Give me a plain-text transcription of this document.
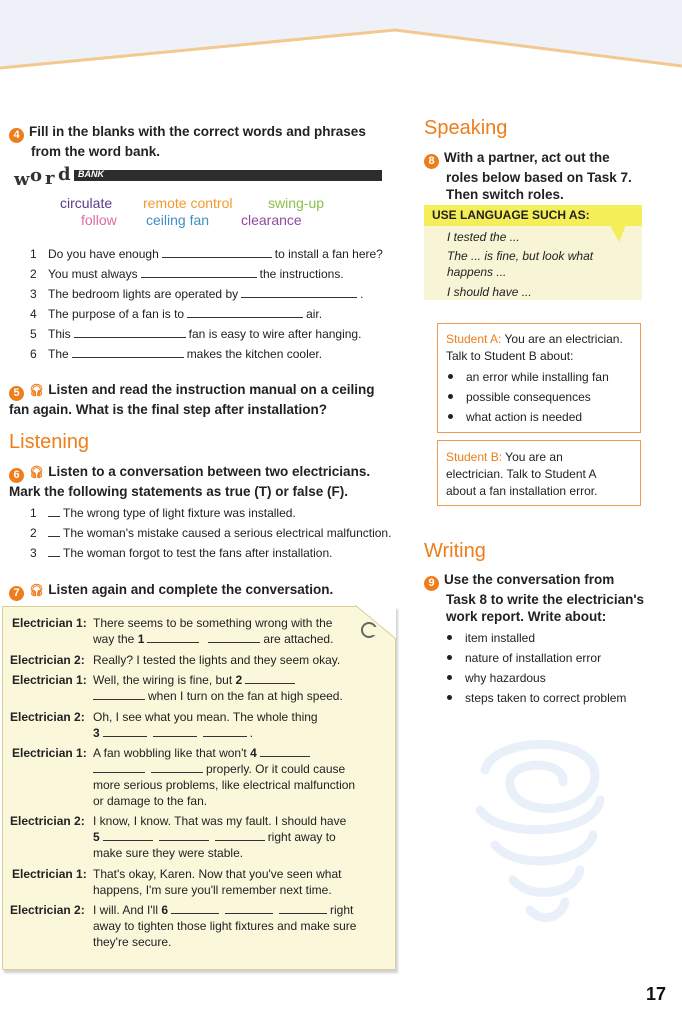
4 Fill in the blanks with the correct words and phrases
from the word bank.
BANK
w o r d
circulate remote control	swing-up
follow ceiling fan clearance
1 Do you have enough	to install a fan here?
2 You must always	the instructions.
3 The bedroom lights are operated by	.
4 The purpose of a fan is to	air.
5 This	fan is easy to wire after hanging.
6 The	makes the kitchen cooler.
5 🎧︎ Listen and read the instruction manual on a ceiling
fan again. What is the final step after installation?
Listening
6 🎧︎ Listen to a conversation between two electricians.
Mark the following statements as true (T) or false (F).
1 The wrong type of light fixture was installed.
2 The woman's mistake caused a serious electrical malfunction.
3 The woman forgot to test the fans after installation.
7 🎧︎ Listen again and complete the conversation.
Electrician 1: There seems to be something wrong with the
way the 1	are attached.
Electrician 2: Really? I tested the lights and they seem okay.
Electrician 1: Well, the wiring is fine, but 2
when I turn on the fan at high speed.
Electrician 2: Oh, I see what you mean. The whole thing
3	.
Electrician 1: A fan wobbling like that won't 4
properly. Or it could cause
more serious problems, like electrical malfunction
or damage to the fan.
Electrician 2: I know, I know. That was my fault. I should have
5	right away to
make sure they were stable.
Electrician 1: That's okay, Karen. Now that you've seen what
happens, I'm sure you'll remember next time.
Electrician 2: I will. And I'll 6	right
away to tighten those light fixtures and make sure
they're secure.
Speaking
8 With a partner, act out the
roles below based on Task 7.
Then switch roles.
USE LANGUAGE SUCH AS:
I tested the ...
The ... is fine, but look what
happens ...
I should have ...
Student A: You are an electrician.
Talk to Student B about:
an error while installing fan
possible consequences
what action is needed
Student B: You are an
electrician. Talk to Student A
about a fan installation error.
Writing
9 Use the conversation from
Task 8 to write the electrician's
work report. Write about:
item installed
nature of installation error
why hazardous
steps taken to correct problem
17
